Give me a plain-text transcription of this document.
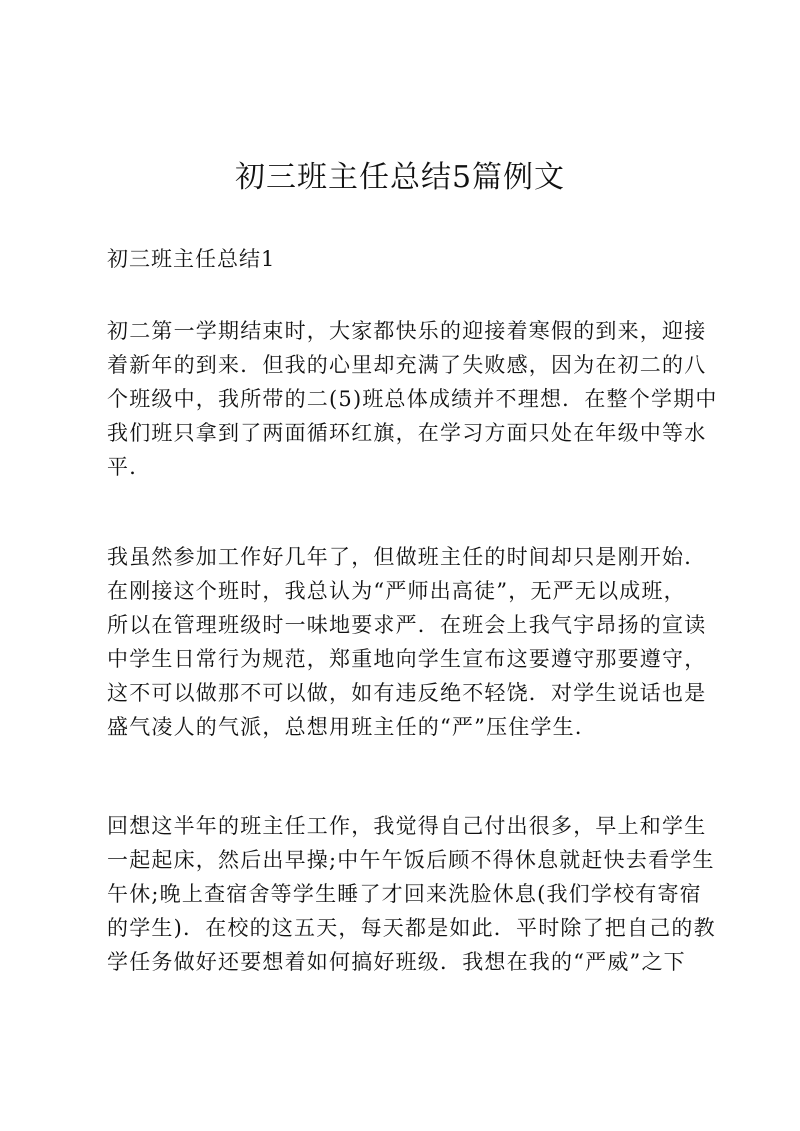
初三班主任总结5篇例文
初三班主任总结1

初二第一学期结束时，大家都快乐的迎接着寒假的到来，迎接
着新年的到来．但我的心里却充满了失败感，因为在初二的八
个班级中，我所带的二(5)班总体成绩并不理想．在整个学期中
我们班只拿到了两面循环红旗，在学习方面只处在年级中等水
平．

我虽然参加工作好几年了，但做班主任的时间却只是刚开始．
在刚接这个班时，我总认为“严师出高徒”，无严无以成班，
所以在管理班级时一味地要求严．在班会上我气宇昂扬的宣读
中学生日常行为规范，郑重地向学生宣布这要遵守那要遵守，
这不可以做那不可以做，如有违反绝不轻饶．对学生说话也是
盛气凌人的气派，总想用班主任的“严”压住学生．

回想这半年的班主任工作，我觉得自己付出很多，早上和学生
一起起床，然后出早操;中午午饭后顾不得休息就赶快去看学生
午休;晚上查宿舍等学生睡了才回来洗脸休息(我们学校有寄宿
的学生)．在校的这五天，每天都是如此．平时除了把自己的教
学任务做好还要想着如何搞好班级．我想在我的“严威”之下
